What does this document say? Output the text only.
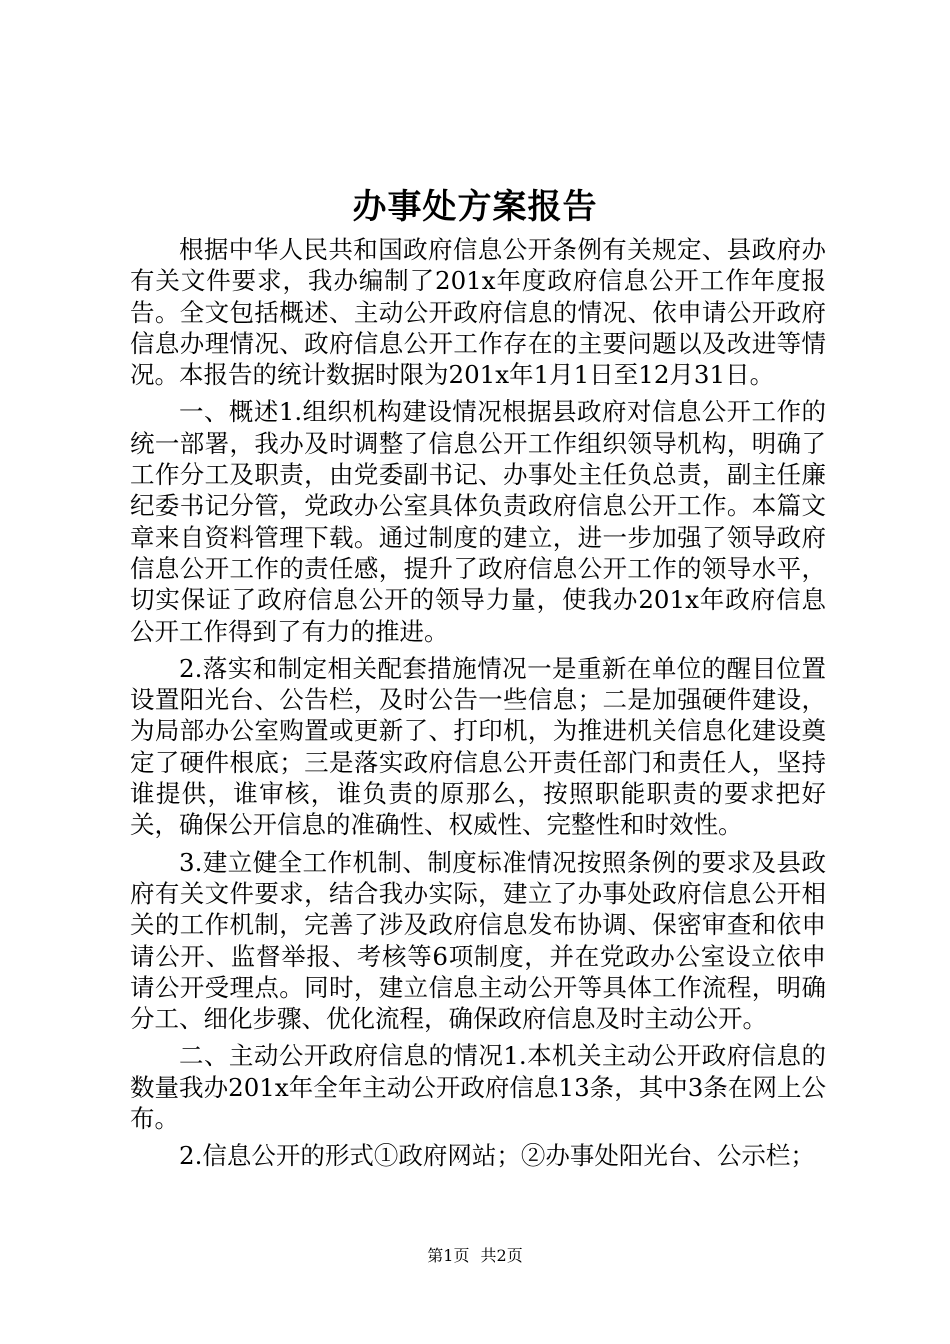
办事处方案报告

根据中华人民共和国政府信息公开条例有关规定、县政府办有关文件要求，我办编制了201x年度政府信息公开工作年度报告。全文包括概述、主动公开政府信息的情况、依申请公开政府信息办理情况、政府信息公开工作存在的主要问题以及改进等情况。本报告的统计数据时限为201x年1月1日至12月31日。

一、概述1.组织机构建设情况根据县政府对信息公开工作的统一部署，我办及时调整了信息公开工作组织领导机构，明确了工作分工及职责，由党委副书记、办事处主任负总责，副主任廉纪委书记分管，党政办公室具体负责政府信息公开工作。本篇文章来自资料管理下载。通过制度的建立，进一步加强了领导政府信息公开工作的责任感，提升了政府信息公开工作的领导水平，切实保证了政府信息公开的领导力量，使我办201x年政府信息公开工作得到了有力的推进。

2.落实和制定相关配套措施情况一是重新在单位的醒目位置设置阳光台、公告栏，及时公告一些信息；二是加强硬件建设，为局部办公室购置或更新了、打印机，为推进机关信息化建设奠定了硬件根底；三是落实政府信息公开责任部门和责任人，坚持谁提供，谁审核，谁负责的原那么，按照职能职责的要求把好关，确保公开信息的准确性、权威性、完整性和时效性。

3.建立健全工作机制、制度标准情况按照条例的要求及县政府有关文件要求，结合我办实际，建立了办事处政府信息公开相关的工作机制，完善了涉及政府信息发布协调、保密审查和依申请公开、监督举报、考核等6项制度，并在党政办公室设立依申请公开受理点。同时，建立信息主动公开等具体工作流程，明确分工、细化步骤、优化流程，确保政府信息及时主动公开。

二、主动公开政府信息的情况1.本机关主动公开政府信息的数量我办201x年全年主动公开政府信息13条，其中3条在网上公布。

2.信息公开的形式①政府网站；②办事处阳光台、公示栏；

第1页 共2页
